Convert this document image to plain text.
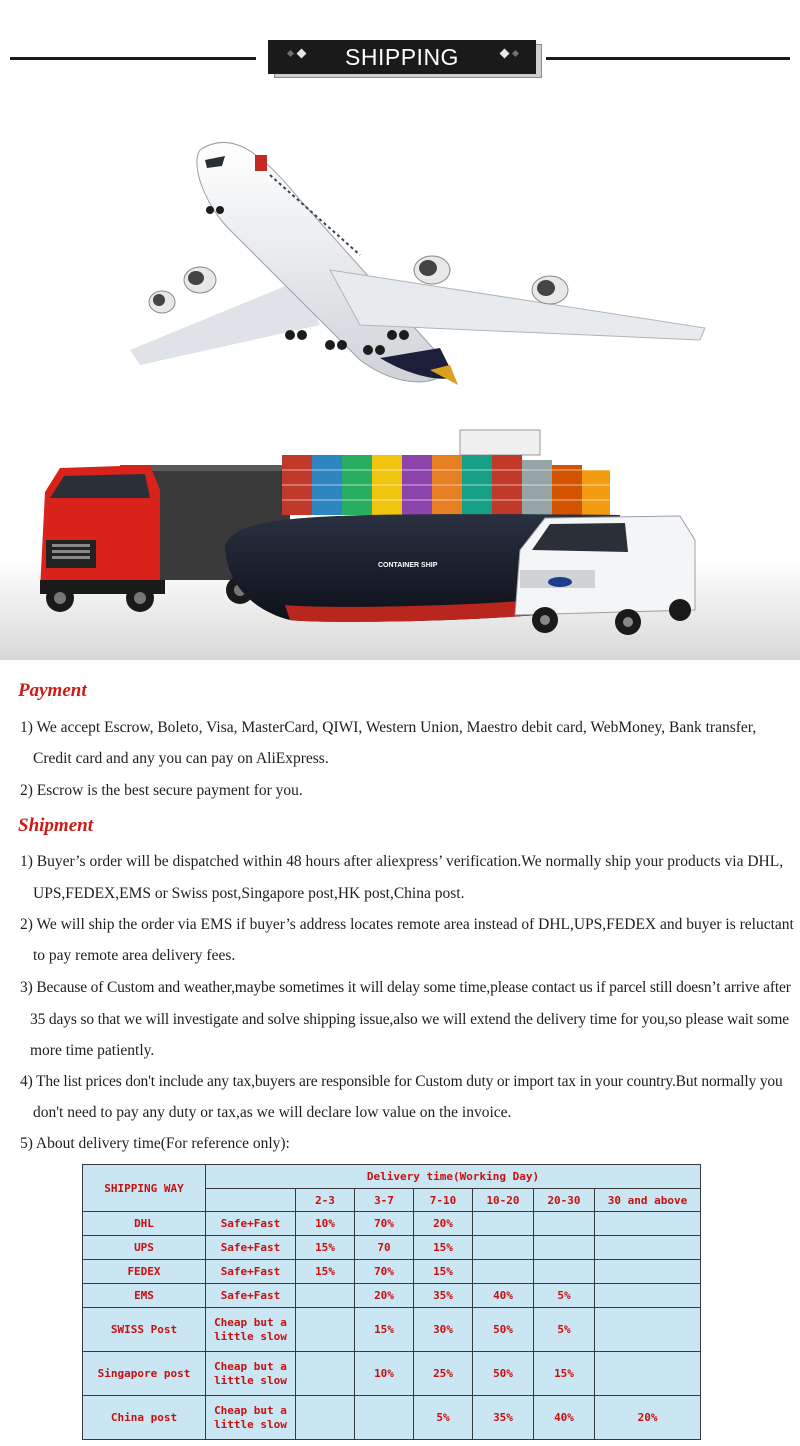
SHIPPING
CONTAINER SHIP
Payment
1) We accept Escrow, Boleto, Visa, MasterCard, QIWI, Western Union, Maestro debit card, WebMoney, Bank transfer,
Credit card and any you can pay on AliExpress.
2) Escrow is the best secure payment for you.
Shipment
1) Buyer’s order will be dispatched within 48 hours after aliexpress’ verification.We normally ship your products via DHL,
UPS,FEDEX,EMS or Swiss post,Singapore post,HK post,China post.
2) We will ship the order via EMS if buyer’s address locates remote area instead of DHL,UPS,FEDEX and buyer is reluctant
to pay remote area delivery fees.
3) Because of Custom and weather,maybe sometimes it will delay some time,please contact us if parcel still doesn’t arrive after
35 days so that we will investigate and solve shipping issue,also we will extend the delivery time for you,so please wait some
more time patiently.
4) The list prices don't include any tax,buyers are responsible for Custom duty or import tax in your country.But normally you
don't need to pay any duty or tax,as we will declare low value on the invoice.
5) About delivery time(For reference only):
SHIPPING WAY	Delivery time(Working Day)						
		2-3	3-7	7-10	10-20	20-30	30 and above
DHL	Safe+Fast	10%	70%	20%			
UPS	Safe+Fast	15%	70	15%			
FEDEX	Safe+Fast	15%	70%	15%			
EMS	Safe+Fast		20%	35%	40%	5%	
SWISS Post	Cheap but a little slow		15%	30%	50%	5%	
Singapore post	Cheap but a little slow		10%	25%	50%	15%	
China post	Cheap but a little slow			5%	35%	40%	20%
